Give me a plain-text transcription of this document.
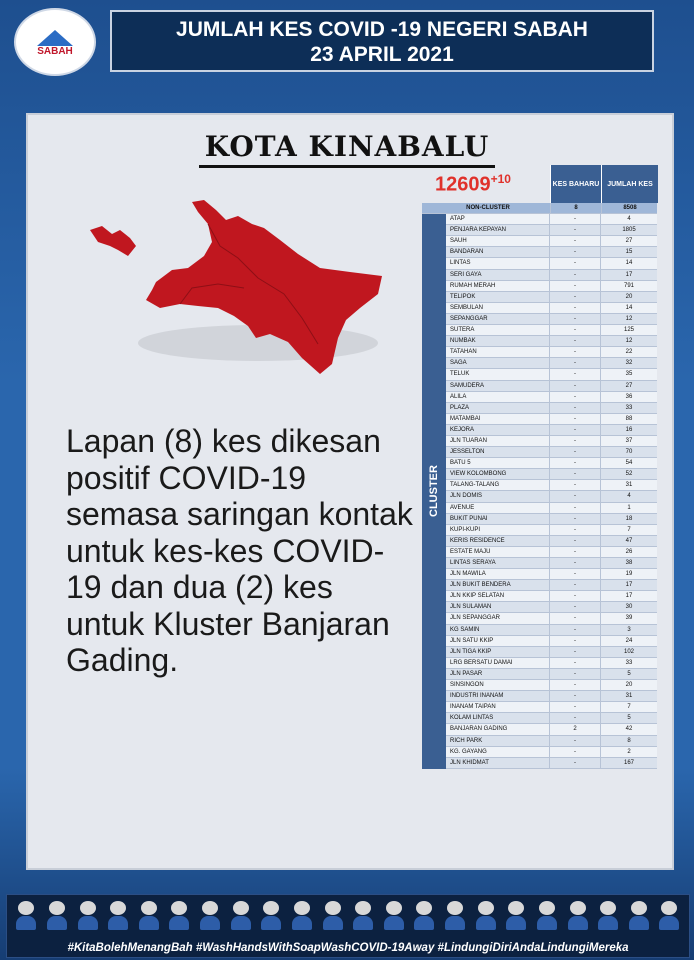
SABAH
JUMLAH KES COVID -19 NEGERI SABAH
23 APRIL 2021
KOTA KINABALU
$12609^{+10}$
Lapan (8) kes dikesan positif COVID-19 semasa saringan kontak untuk kes-kes COVID-19 dan dua (2) kes untuk Kluster Banjaran Gading.
KES BAHARU	JUMLAH KES
NON-CLUSTER	8	8508
CLUSTER
ATAP	-	4
PENJARA KEPAYAN	-	1805
SAUH	-	27
BANDARAN	-	15
LINTAS	-	14
SERI GAYA	-	17
RUMAH MERAH	-	791
TELIPOK	-	20
SEMBULAN	-	14
SEPANGGAR	-	12
SUTERA	-	125
NUMBAK	-	12
TATAHAN	-	22
SAGA	-	32
TELUK	-	35
SAMUDERA	-	27
ALILA	-	36
PLAZA	-	33
MATAMBAI	-	88
KEJORA	-	16
JLN TUARAN	-	37
JESSELTON	-	70
BATU 5	-	54
VIEW KOLOMBONG	-	52
TALANG-TALANG	-	31
JLN DOMIS	-	4
AVENUE	-	1
BUKIT PUNAI	-	18
KUPI-KUPI	-	7
KERIS RESIDENCE	-	47
ESTATE MAJU	-	26
LINTAS SERAYA	-	38
JLN MAWILA	-	19
JLN BUKIT BENDERA	-	17
JLN KKIP SELATAN	-	17
JLN SULAMAN	-	30
JLN SEPANGGAR	-	39
KG SAMIN	-	3
JLN SATU KKIP	-	24
JLN TIGA KKIP	-	102
LRG BERSATU DAMAI	-	33
JLN PASAR	-	5
SINSINGON	-	20
INDUSTRI INANAM	-	31
INANAM TAIPAN	-	7
KOLAM LINTAS	-	5
BANJARAN GADING	2	42
RICH PARK	-	8
KG. GAYANG	-	2
JLN KHIDMAT	-	167
#KitaBolehMenangBah #WashHandsWithSoapWashCOVID-19Away #LindungiDiriAndaLindungiMereka
